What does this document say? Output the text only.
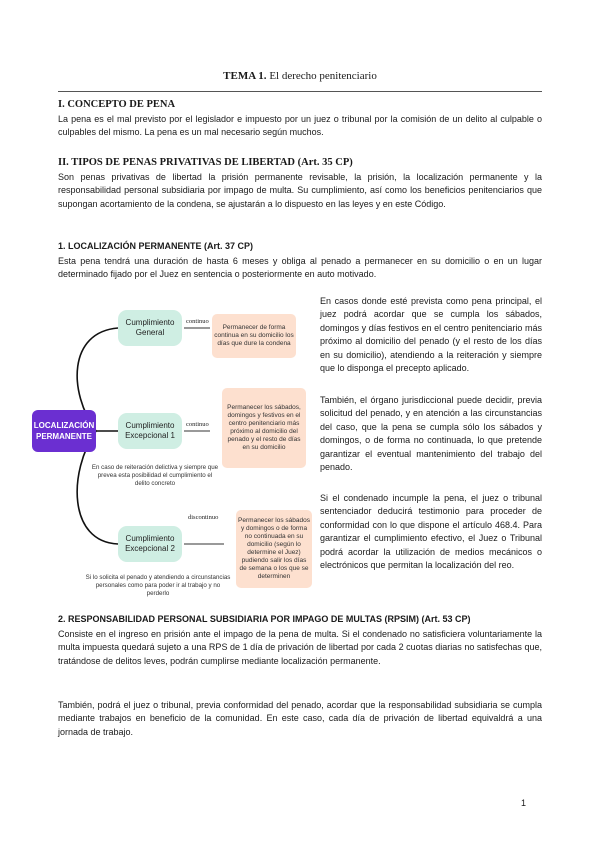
TEMA 1. El derecho penitenciario
I. CONCEPTO DE PENA

La pena es el mal previsto por el legislador e impuesto por un juez o tribunal por la comisión de un delito al culpable o culpables del mismo. La pena es un mal necesario según muchos.

II. TIPOS DE PENAS PRIVATIVAS DE LIBERTAD (Art. 35 CP)

Son penas privativas de libertad la prisión permanente revisable, la prisión, la localización permanente y la responsabilidad personal subsidiaria por impago de multa. Su cumplimiento, así como los beneficios penitenciarios que supongan acortamiento de la condena, se ajustarán a lo dispuesto en las leyes y en este Código.

1. LOCALIZACIÓN PERMANENTE (Art. 37 CP)

Esta pena tendrá una duración de hasta 6 meses y obliga al penado a permanecer en su domicilio o en un lugar determinado fijado por el Juez en sentencia o posteriormente en auto motivado.

LOCALIZACIÓN PERMANENTE
Cumplimiento General
Cumplimiento Excepcional 1
Cumplimiento Excepcional 2
continuo
continuo
discontinuo
Permanecer de forma continua en su domicilio los días que dure la condena
Permanecer los sábados, domingos y festivos en el centro penitenciario más próximo al domicilio del penado y el resto de días en su domicilio
Permanecer los sábados y domingos o de forma no continuada en su domicilio (según lo determine el Juez) pudiendo salir los días de semana o los que se determinen
En caso de reiteración delictiva y siempre que prevea esta posibilidad el cumplimiento el delito concreto
Si lo solicita el penado y atendiendo a circunstancias personales como para poder ir al trabajo y no perderlo

En casos donde esté prevista como pena principal, el juez podrá acordar que se cumpla los sábados, domingos y días festivos en el centro penitenciario más próximo al domicilio del penado (y el resto de los días en su domicilio), atendiendo a la reiteración y siempre que lo disponga el precepto aplicado.

También, el órgano jurisdiccional puede decidir, previa solicitud del penado, y en atención a las circunstancias del caso, que la pena se cumpla sólo los sábados y domingos, o de forma no continuada, lo que pretende garantizar el eventual mantenimiento del trabajo del penado.

Si el condenado incumple la pena, el juez o tribunal sentenciador deducirá testimonio para proceder de conformidad con lo que dispone el artículo 468.4. Para garantizar el cumplimiento efectivo, el Juez o Tribunal podrá acordar la utilización de medios mecánicos o electrónicos que permitan la localización del reo.

2. RESPONSABILIDAD PERSONAL SUBSIDIARIA POR IMPAGO DE MULTAS (RPSIM) (Art. 53 CP)

Consiste en el ingreso en prisión ante el impago de la pena de multa. Si el condenado no satisficiera voluntariamente la multa impuesta quedará sujeto a una RPS de 1 día de privación de libertad por cada 2 cuotas diarias no satisfechas que, tratándose de delitos leves, podrán cumplirse mediante localización permanente.

También, podrá el juez o tribunal, previa conformidad del penado, acordar que la responsabilidad subsidiaria se cumpla mediante trabajos en beneficio de la comunidad. En este caso, cada día de privación de libertad equivaldrá a una jornada de trabajo.

1
